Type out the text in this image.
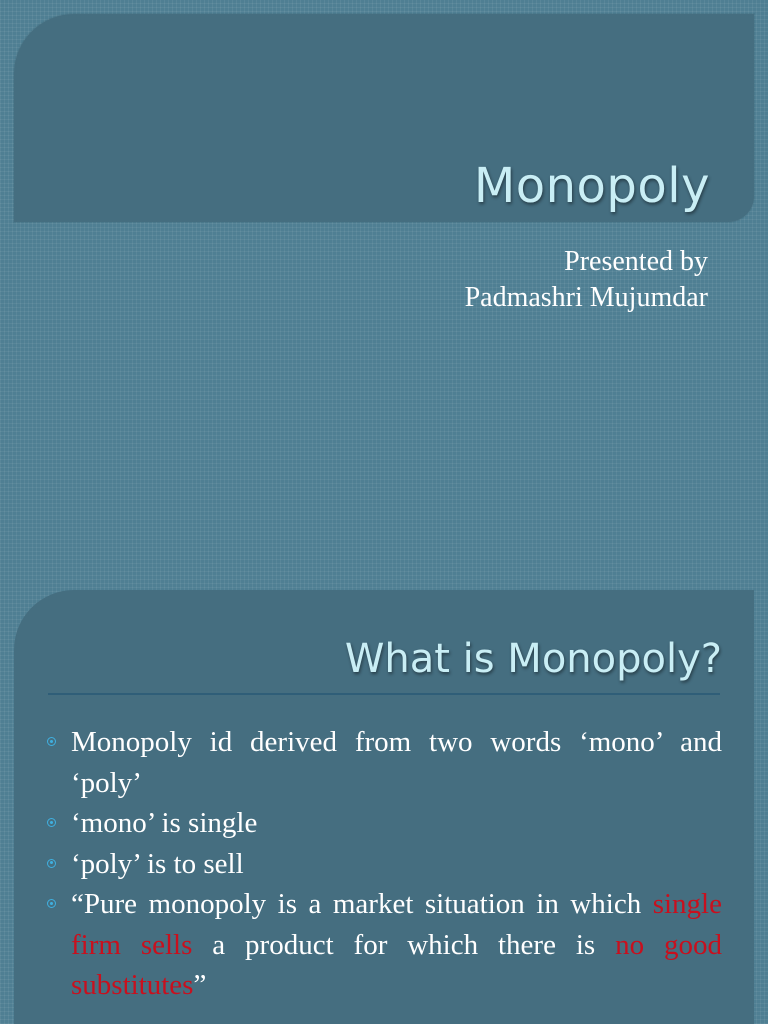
Monopoly
Presented by
Padmashri Mujumdar
What is Monopoly?
Monopoly id derived from two words ‘mono’ and ‘poly’
‘mono’ is single
‘poly’ is to sell
“Pure monopoly is a market situation in which single firm sells a product for which there is no good substitutes”
